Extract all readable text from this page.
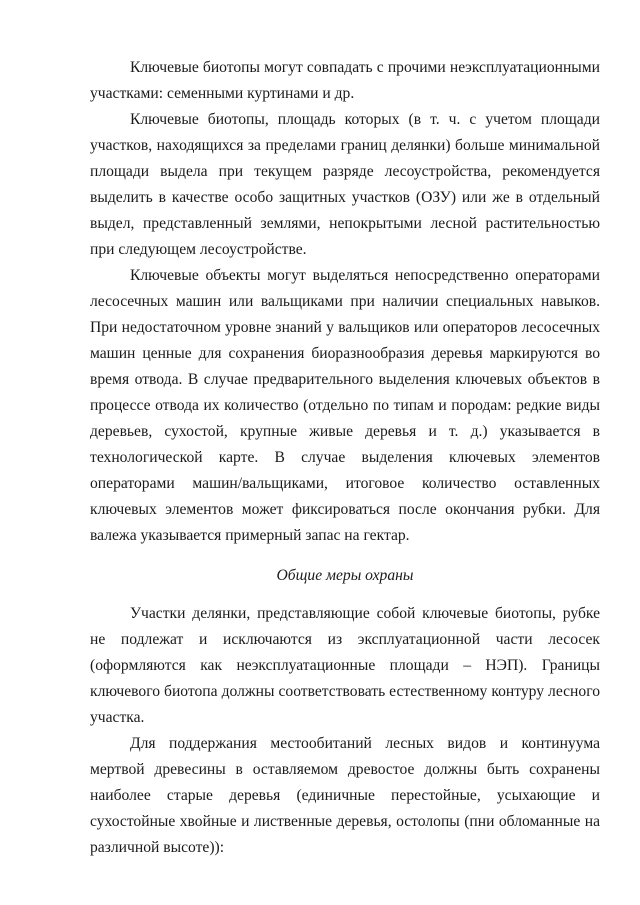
Ключевые биотопы могут совпадать с прочими неэксплуатационными участками: семенными куртинами и др.

Ключевые биотопы, площадь которых (в т. ч. с учетом площади участков, находящихся за пределами границ делянки) больше минимальной площади выдела при текущем разряде лесоустройства, рекомендуется выделить в качестве особо защитных участков (ОЗУ) или же в отдельный выдел, представленный землями, непокрытыми лесной растительностью при следующем лесоустройстве.

Ключевые объекты могут выделяться непосредственно операторами лесосечных машин или вальщиками при наличии специальных навыков. При недостаточном уровне знаний у вальщиков или операторов лесосечных машин ценные для сохранения биоразнообразия деревья маркируются во время отвода. В случае предварительного выделения ключевых объектов в процессе отвода их количество (отдельно по типам и породам: редкие виды деревьев, сухостой, крупные живые деревья и т. д.) указывается в технологической карте. В случае выделения ключевых элементов операторами машин/вальщиками, итоговое количество оставленных ключевых элементов может фиксироваться после окончания рубки. Для валежа указывается примерный запас на гектар.

Общие меры охраны

Участки делянки, представляющие собой ключевые биотопы, рубке не подлежат и исключаются из эксплуатационной части лесосек (оформляются как неэксплуатационные площади – НЭП). Границы ключевого биотопа должны соответствовать естественному контуру лесного участка.

Для поддержания местообитаний лесных видов и континуума мертвой древесины в оставляемом древостое должны быть сохранены наиболее старые деревья (единичные перестойные, усыхающие и сухостойные хвойные и лиственные деревья, остолопы (пни обломанные на различной высоте)):
